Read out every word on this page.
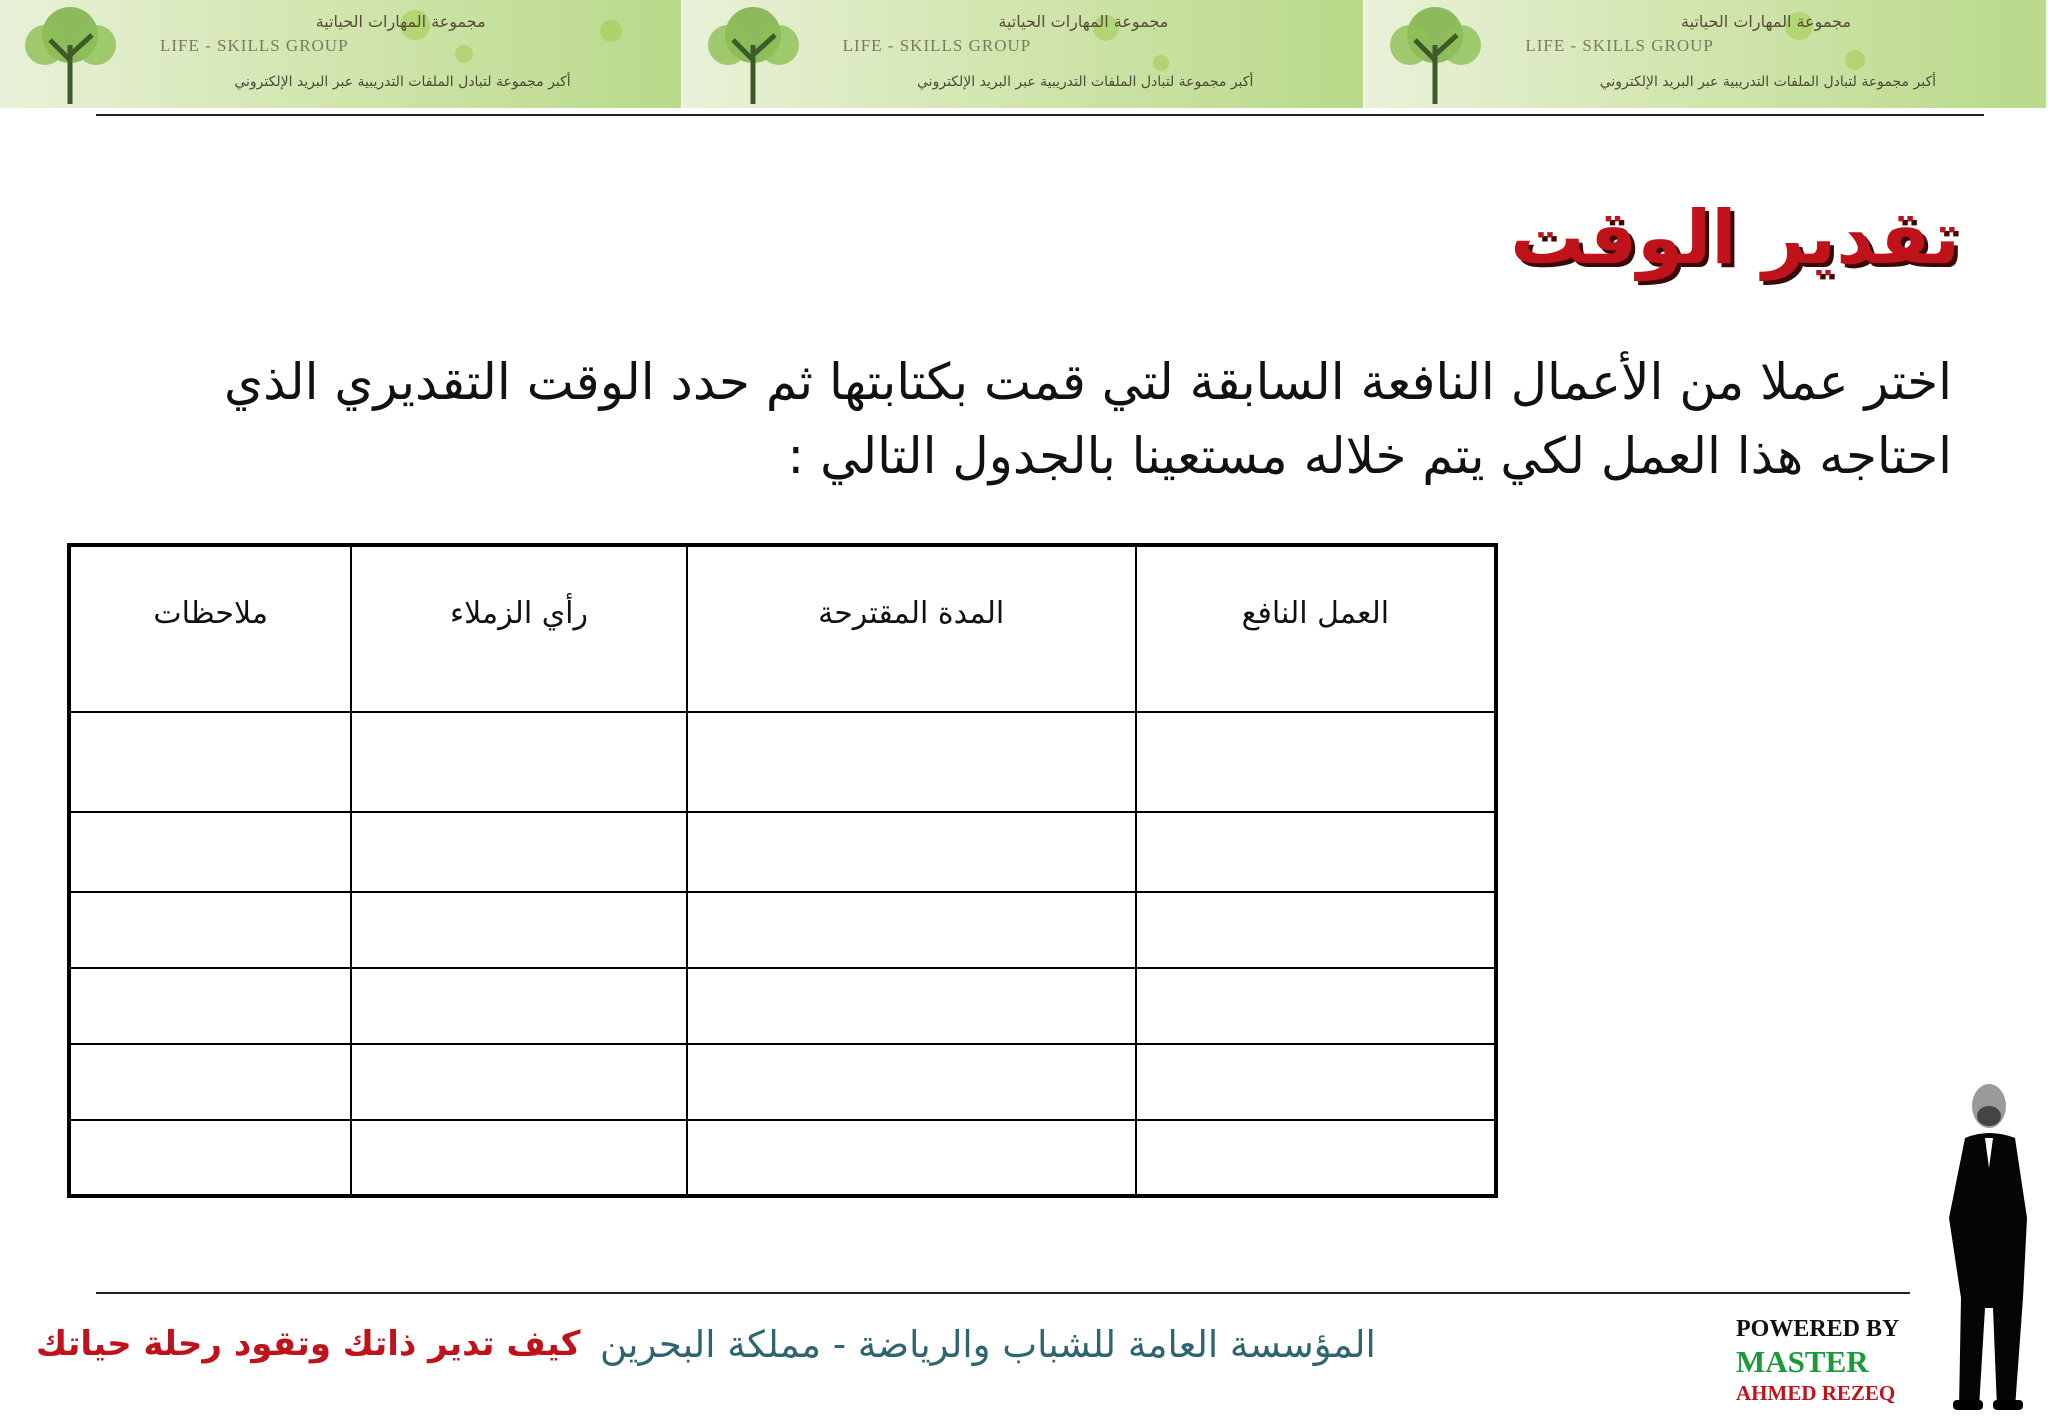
مجموعة المهارات الحياتية
LIFE - SKILLS GROUP
أكبر مجموعة لتبادل الملفات التدريبية عبر البريد الإلكتروني
مجموعة المهارات الحياتية
LIFE - SKILLS GROUP
أكبر مجموعة لتبادل الملفات التدريبية عبر البريد الإلكتروني
مجموعة المهارات الحياتية
LIFE - SKILLS GROUP
أكبر مجموعة لتبادل الملفات التدريبية عبر البريد الإلكتروني
تقدير الوقت

اختر عملا من الأعمال النافعة السابقة لتي قمت بكتابتها ثم حدد الوقت التقديري الذي احتاجه هذا العمل لكي يتم خلاله مستعينا بالجدول التالي :

العمل النافع	المدة المقترحة	رأي الزملاء	ملاحظات

كيف تدير ذاتك وتقود رحلة حياتك المؤسسة العامة للشباب والرياضة - مملكة البحرين	POWERED BY
MASTER
AHMED REZEQ
